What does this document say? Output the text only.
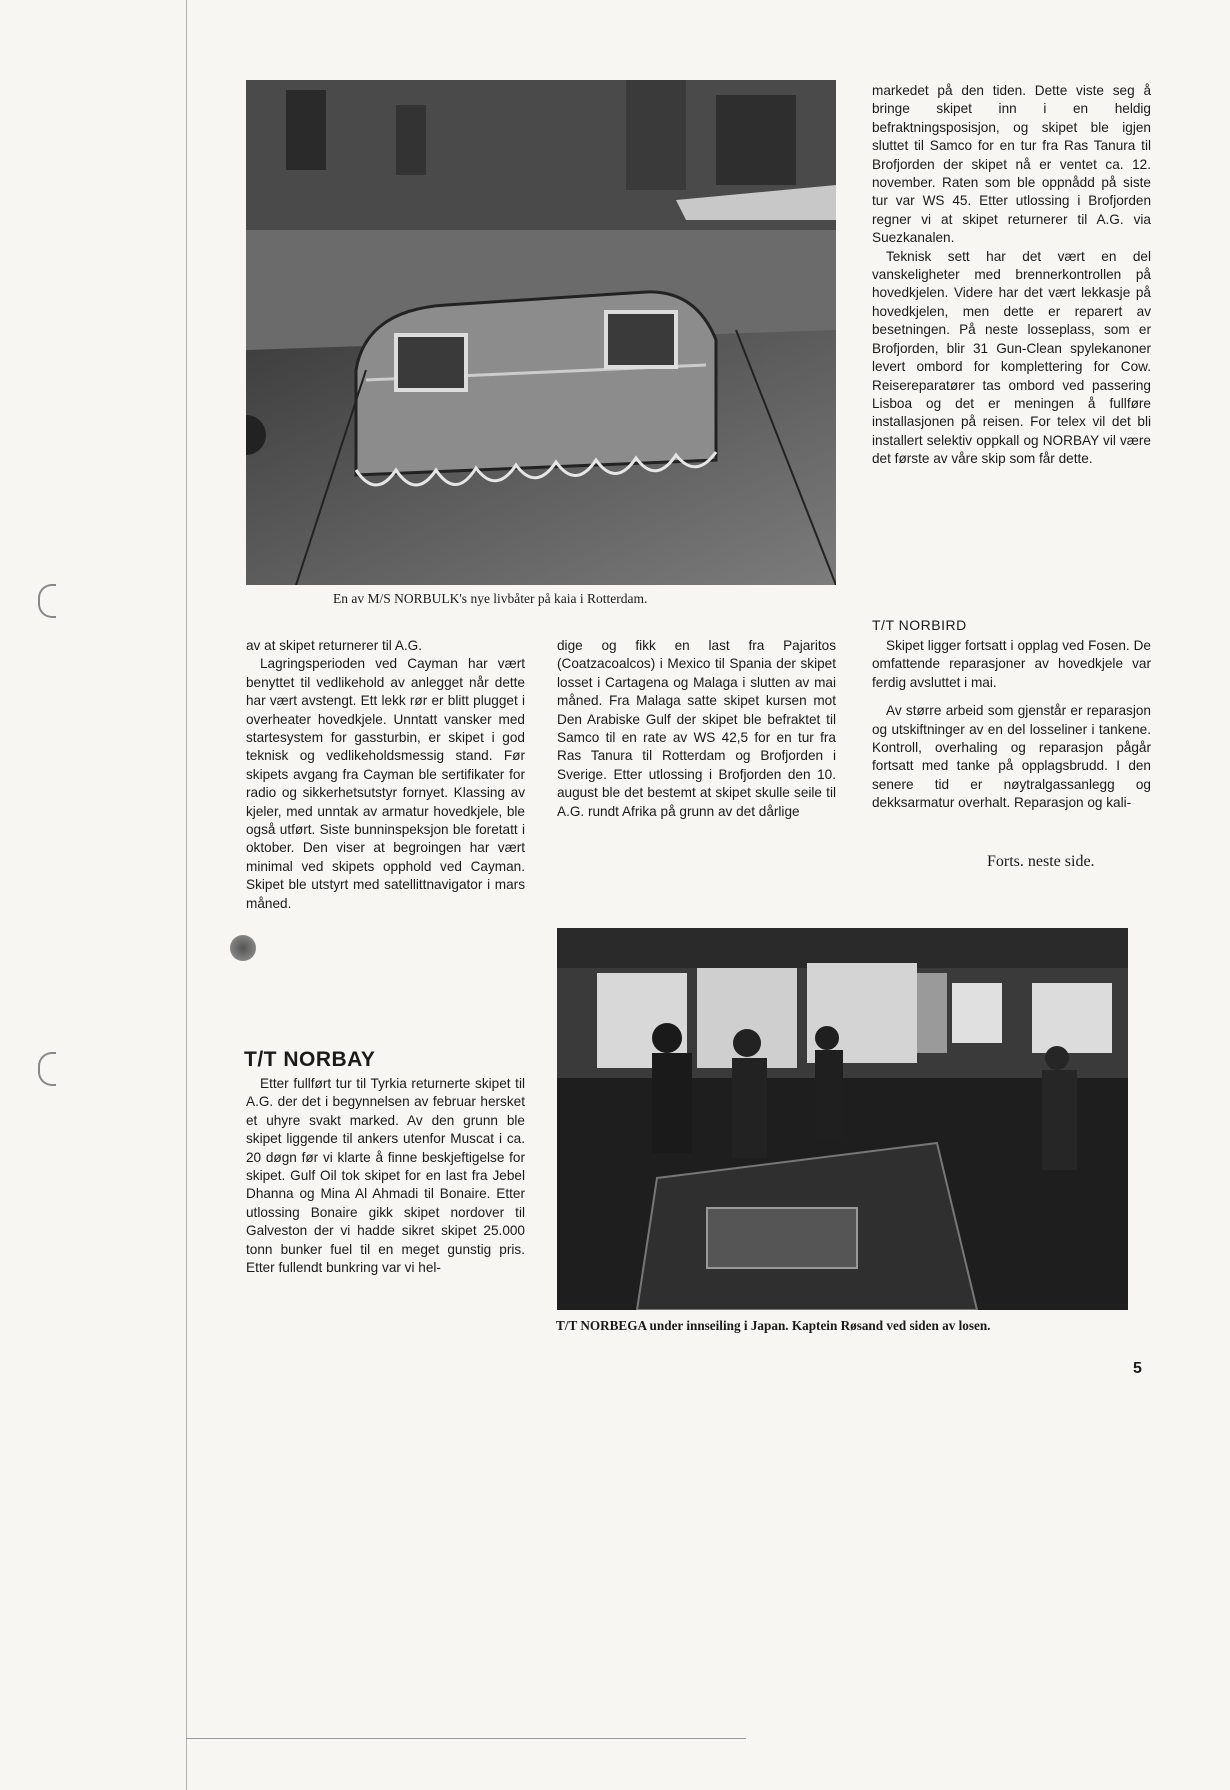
En av M/S NORBULK's nye livbåter på kaia i Rotterdam.

markedet på den tiden. Dette viste seg å bringe skipet inn i en heldig befraktningsposisjon, og skipet ble igjen sluttet til Samco for en tur fra Ras Tanura til Brofjorden der skipet nå er ventet ca. 12. november. Raten som ble oppnådd på siste tur var WS 45. Etter utlossing i Brofjorden regner vi at skipet returnerer til A.G. via Suezkanalen.

Teknisk sett har det vært en del vanskeligheter med brennerkontrollen på hovedkjelen. Videre har det vært lekkasje på hovedkjelen, men dette er reparert av besetningen. På neste losseplass, som er Brofjorden, blir 31 Gun-Clean spylekanoner levert ombord for komplettering for Cow. Reisereparatører tas ombord ved passering Lisboa og det er meningen å fullføre installasjonen på reisen. For telex vil det bli installert selektiv oppkall og NORBAY vil være det første av våre skip som får dette.

av at skipet returnerer til A.G.

Lagringsperioden ved Cayman har vært benyttet til vedlikehold av anlegget når dette har vært avstengt. Ett lekk rør er blitt plugget i overheater hovedkjele. Unntatt vansker med startesystem for gassturbin, er skipet i god teknisk og vedlikeholdsmessig stand. Før skipets avgang fra Cayman ble sertifikater for radio og sikkerhetsutstyr fornyet. Klassing av kjeler, med unntak av armatur hovedkjele, ble også utført. Siste bunninspeksjon ble foretatt i oktober. Den viser at begroingen har vært minimal ved skipets opphold ved Cayman. Skipet ble utstyrt med satellittnavigator i mars måned.

T/T NORBAY

Etter fullført tur til Tyrkia returnerte skipet til A.G. der det i begynnelsen av februar hersket et uhyre svakt marked. Av den grunn ble skipet liggende til ankers utenfor Muscat i ca. 20 døgn før vi klarte å finne beskjeftigelse for skipet. Gulf Oil tok skipet for en last fra Jebel Dhanna og Mina Al Ahmadi til Bonaire. Etter utlossing Bonaire gikk skipet nordover til Galveston der vi hadde sikret skipet 25.000 tonn bunker fuel til en meget gunstig pris. Etter fullendt bunkring var vi hel-

dige og fikk en last fra Pajaritos (Coatzacoalcos) i Mexico til Spania der skipet losset i Cartagena og Malaga i slutten av mai måned. Fra Malaga satte skipet kursen mot Den Arabiske Gulf der skipet ble befraktet til Samco til en rate av WS 42,5 for en tur fra Ras Tanura til Rotterdam og Brofjorden i Sverige. Etter utlossing i Brofjorden den 10. august ble det bestemt at skipet skulle seile til A.G. rundt Afrika på grunn av det dårlige

T/T NORBIRD

Skipet ligger fortsatt i opplag ved Fosen. De omfattende reparasjoner av hovedkjele var ferdig avsluttet i mai.

Av større arbeid som gjenstår er reparasjon og utskiftninger av en del losseliner i tankene. Kontroll, overhaling og reparasjon pågår fortsatt med tanke på opplagsbrudd. I den senere tid er nøytralgassanlegg og dekksarmatur overhalt. Reparasjon og kali-

Forts. neste side.
T/T NORBEGA under innseiling i Japan. Kaptein Røsand ved siden av losen.
5
